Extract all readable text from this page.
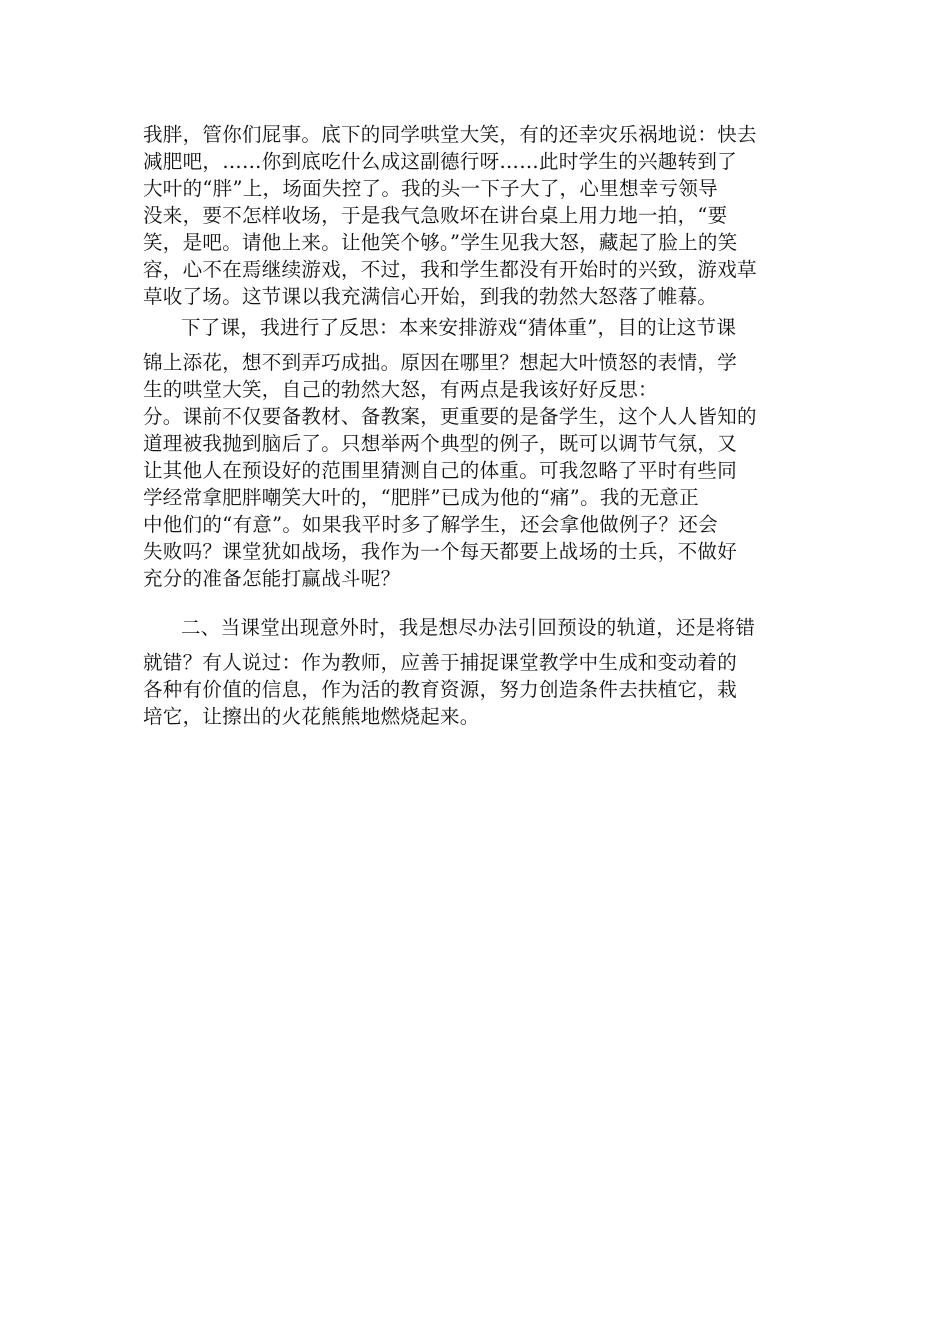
我胖，管你们屁事。底下的同学哄堂大笑，有的还幸灾乐祸地说：快去
减肥吧，……你到底吃什么成这副德行呀……此时学生的兴趣转到了
大叶的“胖”上，场面失控了。我的头一下子大了，心里想幸亏领导
没来，要不怎样收场，于是我气急败坏在讲台桌上用力地一拍，“要
笑，是吧。请他上来。让他笑个够。”学生见我大怒，藏起了脸上的笑
容，心不在焉继续游戏，不过，我和学生都没有开始时的兴致，游戏草
草收了场。这节课以我充满信心开始，到我的勃然大怒落了帷幕。
下了课，我进行了反思：本来安排游戏“猜体重”，目的让这节课
锦上添花，想不到弄巧成拙。原因在哪里？想起大叶愤怒的表情，学
生的哄堂大笑，自己的勃然大怒，有两点是我该好好反思：
分。课前不仅要备教材、备教案，更重要的是备学生，这个人人皆知的
道理被我抛到脑后了。只想举两个典型的例子，既可以调节气氛，又
让其他人在预设好的范围里猜测自己的体重。可我忽略了平时有些同
学经常拿肥胖嘲笑大叶的，“肥胖”已成为他的“痛”。我的无意正
中他们的“有意”。如果我平时多了解学生，还会拿他做例子？还会
失败吗？课堂犹如战场，我作为一个每天都要上战场的士兵，不做好
充分的准备怎能打赢战斗呢？
二、当课堂出现意外时，我是想尽办法引回预设的轨道，还是将错
就错？有人说过：作为教师，应善于捕捉课堂教学中生成和变动着的
各种有价值的信息，作为活的教育资源，努力创造条件去扶植它，栽
培它，让擦出的火花熊熊地燃烧起来。
